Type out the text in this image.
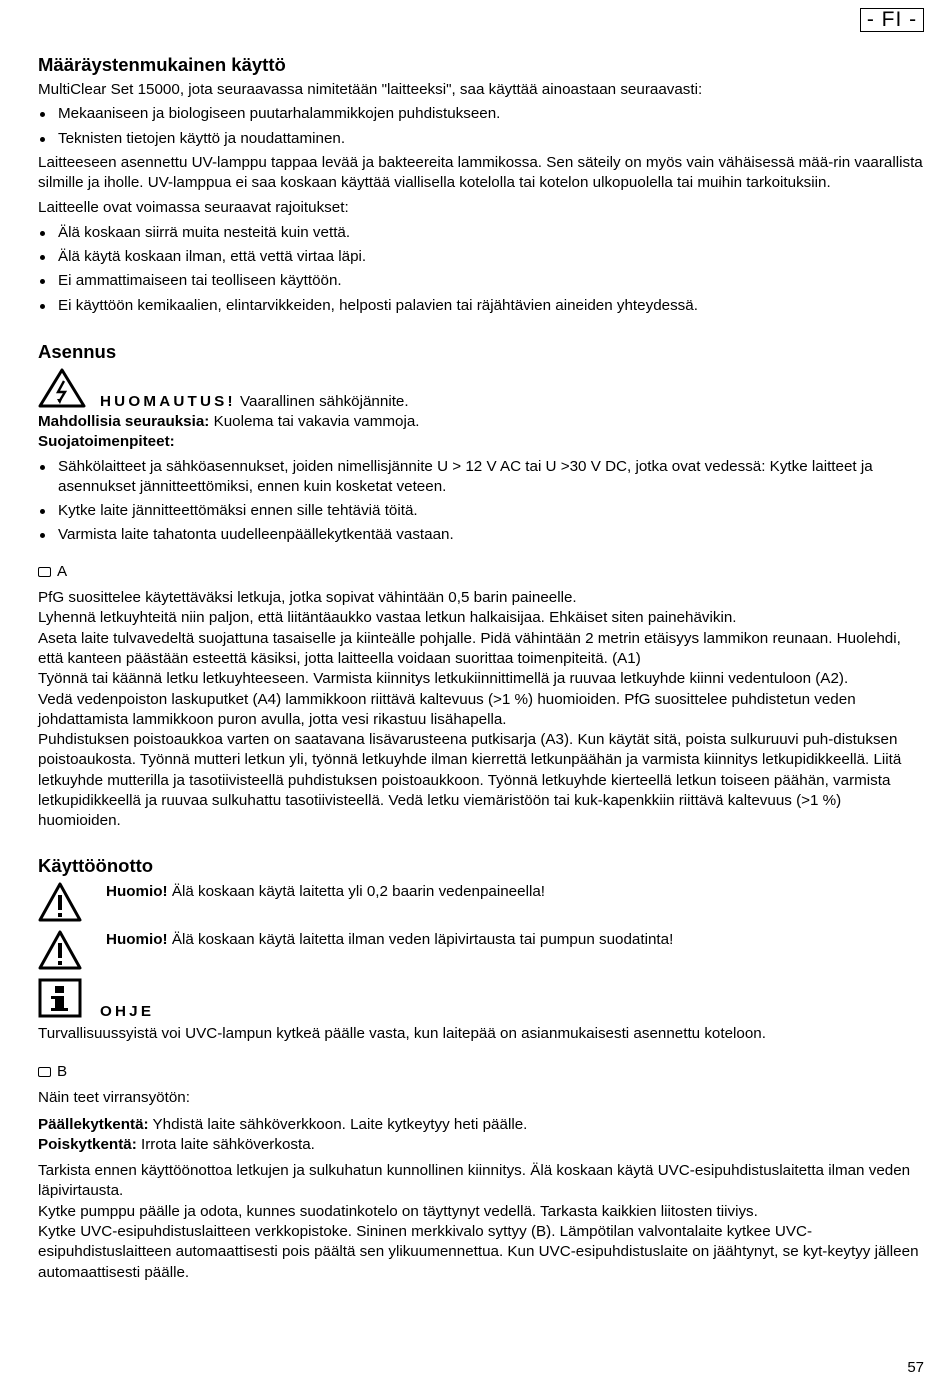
- FI -
Määräystenmukainen käyttö

MultiClear Set 15000, jota seuraavassa nimitetään "laitteeksi", saa käyttää ainoastaan seuraavasti:

Mekaaniseen ja biologiseen puutarhalammikkojen puhdistukseen.
Teknisten tietojen käyttö ja noudattaminen.

Laitteeseen asennettu UV-lamppu tappaa levää ja bakteereita lammikossa. Sen säteily on myös vain vähäisessä mää-rin vaarallista silmille ja iholle. UV-lamppua ei saa koskaan käyttää viallisella kotelolla tai kotelon ulkopuolella tai muihin tarkoituksiin.

Laitteelle ovat voimassa seuraavat rajoitukset:

Älä koskaan siirrä muita nesteitä kuin vettä.
Älä käytä koskaan ilman, että vettä virtaa läpi.
Ei ammattimaiseen tai teolliseen käyttöön.
Ei käyttöön kemikaalien, elintarvikkeiden, helposti palavien tai räjähtävien aineiden yhteydessä.
Asennus
HUOMAUTUS! Vaarallinen sähköjännite.

Mahdollisia seurauksia: Kuolema tai vakavia vammoja.

Suojatoimenpiteet:

Sähkölaitteet ja sähköasennukset, joiden nimellisjännite U > 12 V AC tai U >30 V DC, jotka ovat vedessä: Kytke laitteet ja asennukset jännitteettömiksi, ennen kuin kosketat veteen.
Kytke laite jännitteettömäksi ennen sille tehtäviä töitä.
Varmista laite tahatonta uudelleenpäällekytkentää vastaan.
A

PfG suosittelee käytettäväksi letkuja, jotka sopivat vähintään 0,5 barin paineelle.

Lyhennä letkuyhteitä niin paljon, että liitäntäaukko vastaa letkun halkaisijaa. Ehkäiset siten painehävikin.

Aseta laite tulvavedeltä suojattuna tasaiselle ja kiinteälle pohjalle. Pidä vähintään 2 metrin etäisyys lammikon reunaan. Huolehdi, että kanteen päästään esteettä käsiksi, jotta laitteella voidaan suorittaa toimenpiteitä. (A1)

Työnnä tai käännä letku letkuyhteeseen. Varmista kiinnitys letkukiinnittimellä ja ruuvaa letkuyhde kiinni vedentuloon (A2).

Vedä vedenpoiston laskuputket (A4) lammikkoon riittävä kaltevuus (>1 %) huomioiden. PfG suosittelee puhdistetun veden johdattamista lammikkoon puron avulla, jotta vesi rikastuu lisähapella.

Puhdistuksen poistoaukkoa varten on saatavana lisävarusteena putkisarja (A3). Kun käytät sitä, poista sulkuruuvi puh-distuksen poistoaukosta. Työnnä mutteri letkun yli, työnnä letkuyhde ilman kierrettä letkunpäähän ja varmista kiinnitys letkupidikkeellä. Liitä letkuyhde mutterilla ja tasotiivisteellä puhdistuksen poistoaukkoon. Työnnä letkuyhde kierteellä letkun toiseen päähän, varmista letkupidikkeellä ja ruuvaa sulkuhattu tasotiivisteellä. Vedä letku viemäristöön tai kuk-kapenkkiin riittävä kaltevuus (>1 %) huomioiden.

Käyttöönotto
Huomio! Älä koskaan käytä laitetta yli 0,2 baarin vedenpaineella!
Huomio! Älä koskaan käytä laitetta ilman veden läpivirtausta tai pumpun suodatinta!
OHJE

Turvallisuussyistä voi UVC-lampun kytkeä päälle vasta, kun laitepää on asianmukaisesti asennettu koteloon.

B

Näin teet virransyötön:

Päällekytkentä: Yhdistä laite sähköverkkoon. Laite kytkeytyy heti päälle.

Poiskytkentä: Irrota laite sähköverkosta.

Tarkista ennen käyttöönottoa letkujen ja sulkuhatun kunnollinen kiinnitys. Älä koskaan käytä UVC-esipuhdistuslaitetta ilman veden läpivirtausta.

Kytke pumppu päälle ja odota, kunnes suodatinkotelo on täyttynyt vedellä. Tarkasta kaikkien liitosten tiiviys.

Kytke UVC-esipuhdistuslaitteen verkkopistoke. Sininen merkkivalo syttyy (B). Lämpötilan valvontalaite kytkee UVC-esipuhdistuslaitteen automaattisesti pois päältä sen ylikuumennettua. Kun UVC-esipuhdistuslaite on jäähtynyt, se kyt-keytyy jälleen automaattisesti päälle.

57
